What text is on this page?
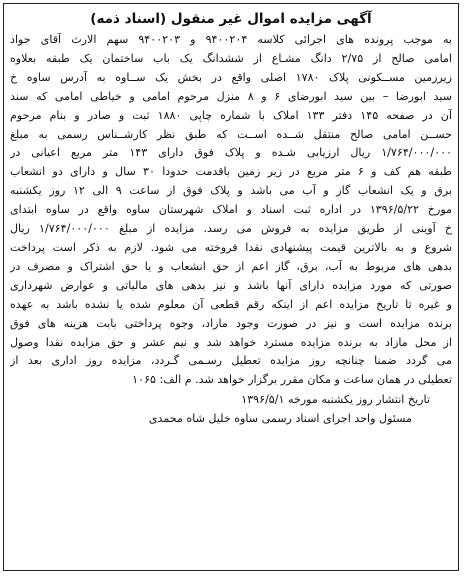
آگهی مزایده اموال غیر منقول (اسناد ذمه)
به موجب پرونده های اجرائی کلاسه ۹۴۰۰۲۰۴ و ۹۴۰۰۲۰۳ سهم الارث آقای جواد
امامی صالح از ۲/۷۵ دانگ مشـاع از ششدانگ یک باب ساختمان یک طبقه بعلاوه
زیرزمین مســکونی پلاک ۱۷۸۰ اصلی واقع در بخش یک ســاوه به آدرس ساوه خ
سید ابورضا – بین سید ابورضای ۶ و ۸ منزل مرحوم امامی و خیاطی امامی که سند
آن در صفحه ۱۴۵ دفتر ۱۳۳ املاک با شماره چاپی ۱۸۸۰ ثبت و صادر و بنام مرحوم
حســن امامی صالح منتقل شــده اســت که طبق نظر کارشــناس رسمی به مبلغ
۱/۷۶۴/۰۰۰/۰۰۰ ریال ارزیابی شـده و پلاک فوق دارای ۱۴۳ متر مربع اعیانی در
طبقه هم کف و ۶ متر مربع در زیر زمین باقدمت حدودا ۳۰ سال و دارای دو انشعاب
برق و یک انشعاب گاز و آب می باشد و پلاک فوق از ساعت ۹ الی ۱۲ روز یکشنبه
مورخ ۱۳۹۶/۵/۲۲ در اداره ثبت اسناد و املاک شهرستان ساوه واقع در ساوه ابتدای
خ آوینی از طریق مزایده به فروش می رسد. مزایده از مبلغ ۱/۷۶۴/۰۰۰/۰۰۰ ریال
شروع و به بالاترین قیمت پیشنهادی نقدا فروخته می شود. لازم به ذکر است پرداخت
بدهی های مربوط به آب، برق، گاز اعم از حق انشعاب و یا حق اشتراک و مصرف در
صورتی که مورد مزایده دارای آنها باشد و نیز بدهی های مالیاتی و عوارض شهرداری
و غیره تا تاریخ مزایده اعم از اینکه رقم قطعی آن معلوم شده یا نشده باشد به عهده
برنده مزایده است و نیز در صورت وجود مازاد، وجوه پرداختی بابت هزینه های فوق
از محل مازاد به برنده مزایده مسترد خواهد شد و نیم عشر و حق مزایده نقدا وصول
می گردد ضمنا چنانچه روز مزایده تعطیل رسـمی گـردد، مزایده روز اداری بعد از
تعطیلی در همان ساعت و مکان مقرر برگزار خواهد شد. م الف: ۱۰۶۵
تاریخ انتشار روز یکشنبه مورخه ۱۳۹۶/۵/۱
مسئول واحد اجرای اسناد رسمی ساوه خلیل شاه محمدی
